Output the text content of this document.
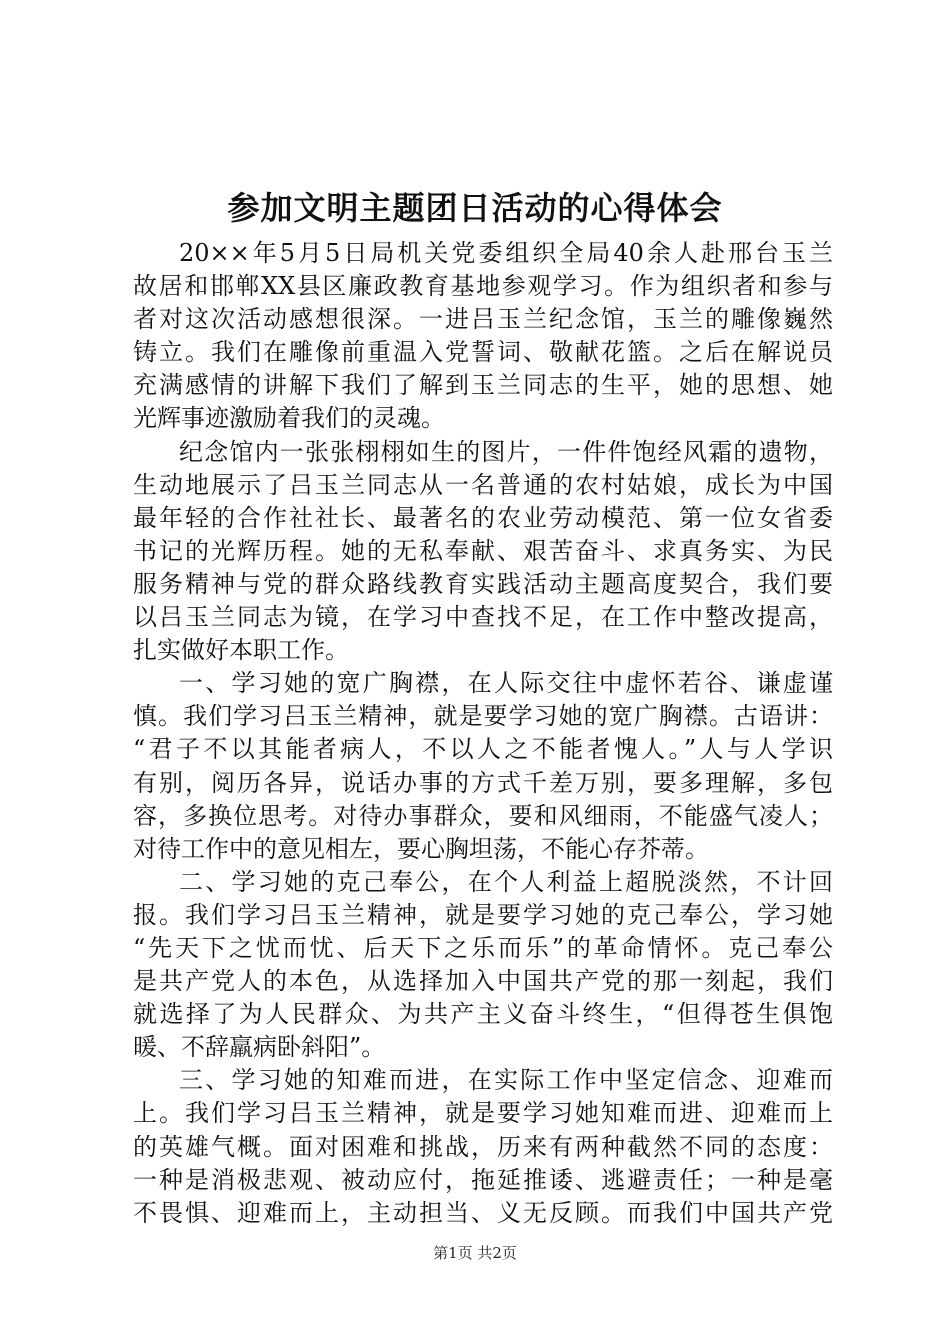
参加文明主题团日活动的心得体会
20××年5月5日局机关党委组织全局40余人赴邢台玉兰
故居和邯郸XX县区廉政教育基地参观学习。作为组织者和参与
者对这次活动感想很深。一进吕玉兰纪念馆，玉兰的雕像巍然
铸立。我们在雕像前重温入党誓词、敬献花篮。之后在解说员
充满感情的讲解下我们了解到玉兰同志的生平，她的思想、她
光辉事迹激励着我们的灵魂。
纪念馆内一张张栩栩如生的图片，一件件饱经风霜的遗物，
生动地展示了吕玉兰同志从一名普通的农村姑娘，成长为中国
最年轻的合作社社长、最著名的农业劳动模范、第一位女省委
书记的光辉历程。她的无私奉献、艰苦奋斗、求真务实、为民
服务精神与党的群众路线教育实践活动主题高度契合，我们要
以吕玉兰同志为镜，在学习中查找不足，在工作中整改提高，
扎实做好本职工作。
一、学习她的宽广胸襟，在人际交往中虚怀若谷、谦虚谨
慎。我们学习吕玉兰精神，就是要学习她的宽广胸襟。古语讲：
“君子不以其能者病人，不以人之不能者愧人。”人与人学识
有别，阅历各异，说话办事的方式千差万别，要多理解，多包
容，多换位思考。对待办事群众，要和风细雨，不能盛气凌人；
对待工作中的意见相左，要心胸坦荡，不能心存芥蒂。
二、学习她的克己奉公，在个人利益上超脱淡然，不计回
报。我们学习吕玉兰精神，就是要学习她的克己奉公，学习她
“先天下之忧而忧、后天下之乐而乐”的革命情怀。克己奉公
是共产党人的本色，从选择加入中国共产党的那一刻起，我们
就选择了为人民群众、为共产主义奋斗终生，“但得苍生俱饱
暖、不辞羸病卧斜阳”。
三、学习她的知难而进，在实际工作中坚定信念、迎难而
上。我们学习吕玉兰精神，就是要学习她知难而进、迎难而上
的英雄气概。面对困难和挑战，历来有两种截然不同的态度：
一种是消极悲观、被动应付，拖延推诿、逃避责任；一种是毫
不畏惧、迎难而上，主动担当、义无反顾。而我们中国共产党
第1页 共2页
